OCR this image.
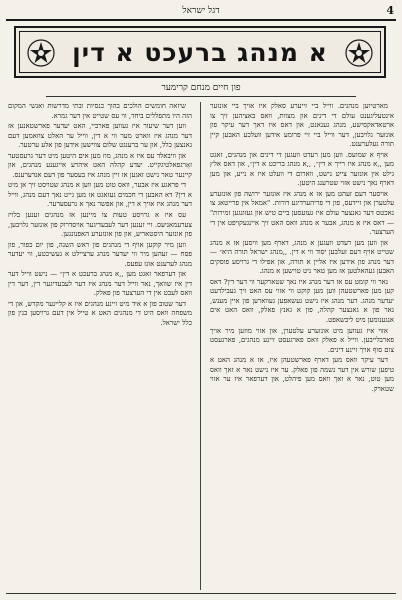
דגל ישראל	4
א מנהג ברעכט א דין
פון חיים מנחם קרימער

מארטיוען מנהגים. ווייל ביי זייערע סאלק איז אויך ביי אונזער אינטעליגענט עולם די דינים און מצוות, וואס באציהען זיך צו ארטאדאקסישע, מנהג גענאנט, און דאס איז דאך דער עיקר פון אונזער גלויבען, דער ווייל ביי זיי פרומע אידען וועלכע האבען קיין תורה געלערענט.

אויף א שמועס. ווען מען רעדט וועגען די דינים און מנהגים, זאגט מען ,,א מנהג איז רייך א דין״, ,,א מנהג בריכט א דין״, און דאס אלץ גילט אין אונזער צייט נישט, ווארום די וועלט איז א נייע, און מען דארף נאך נישט אזוי שטרענג היטען.

אויסער דעם זעהט מען אז א מנהג איז אונזער ירושה פון אונזערע עלטערן און זיידעס, פון די פריהערדיגע דורות. "אמאל אין פרייטאג צו נאכטס דער גאנצער עולם איז געזעסען ביים טיש און געזונגען זמירות" — דאס איז א מנהג, אבער א מנהג וואס האט זיך איינגעקויפט אין די הערצער.

און ווען מען רעדט וועגען א מנהג, דארף מען וויסען אז א מנהג שטייט אויף דעם זעלבען יסוד ווי א דין. ,,מנהג ישראל תורה היא״ — דער מנהג פון אידען איז אליין א תורה, און אפילו די גרויסע פוסקים האבען געהאלטען אז מען טאר ניט טוישען א מנהג.

נאר ווי קומט עס אז דער מנהג איז נאך שטארקער ווי דער דין? דאס קען מען פארשטעהן ווען מען קוקט ווי אזוי עס האט זיך געבילדעט יעדער מנהג. דער מנהג איז נישט געשאפען געווארען פון איין מענש, נאר פון א גאנצער קהלה, פון א גאנץ פאלק, וואס האט אים אנגענומען מיט ליבשאפט.

אזוי איז געווען מיט אונזערע עלטערן, און אזוי מוזען מיר אויך פארבלייבען. ווייל א פאלק וואס פארגעסט זיינע מנהגים, פארגעסט צום סוף אויך זיינע דינים.

דער עיקר וואס מען דארף פארשטעהן איז, אז א מנהג האט א טיפען שורש אין דער נשמה פון פאלק. ער איז נישט נאר א זאך וואס מען טוט, נאר א זאך וואס מען פיהלט, און דערפאר איז ער אזוי שטארק.

שיזאה חומשים הולכים בהוך כנסיות ובתי מדרשות ואנשי המקום הזה היו מתפללים ביחד, ווי עס שטייט אין דער גמרא.

ווען דער שיעור איז געווען פארביי, האט יעדער פארשטאנען אז דער מנהג איז ווארט מער ווי א דין, ווייל ער האלט צוזאמען דעם גאנצען כלל, און ער ברענגט שלום צווישען אידען פון אלע ערטער.

און וויבאלד עס איז א מנהג, מוז מען אים היטען מיט דער גרעסטער זאָרגפאלטיגקייט. יעדע קהלה האט איהרע אייגענע מנהגים, און קיינער טאר נישט זאגען אז זיין מנהג איז בעסער פון דעם אנדערענס.

די פראגע איז אבער, וואס טוט מען ווען א מנהג שטויסט זיך אן מיט א דין? דא האבען די חכמים געזאגט אז מען גייט נאך דעם מנהג, ווייל דער מנהג איז אויך א דין, און אפשר נאך א גרעסערער.

עס איז א גרויסע טעות צו מיינען אז מנהגים זענען בלויז צערעמאניעס. זיי זענען דער לעבעדיגער אויסדרוק פון אונזער גלויבען, פון אונזער היסטאריע, און פון אונזערע האפנונגען.

ווען מיר קוקען אויף די מנהגים פון ראש השנה, פון יום כפור, פון פסח — זעהען מיר ווי יעדער מנהג ערציילט א געשיכטע, ווי יעדער מנהג לערענט אונז עפעס.

און דערפאר זאגט מען ,,א מנהג ברעכט א דין״ — נישט ווייל דער דין איז שוואך, נאר ווייל דער מנהג איז דער לעבעדיגער דין, דער דין וואס לעבט אין די הערצער פון פאלק.

דער שטוב פון א איד מיט זיינע מנהגים איז א קליינער מקדש, און די משפחה וואס היט די מנהגים האט א טייל אין דעם גרויסען בנין פון כלל ישראל.
